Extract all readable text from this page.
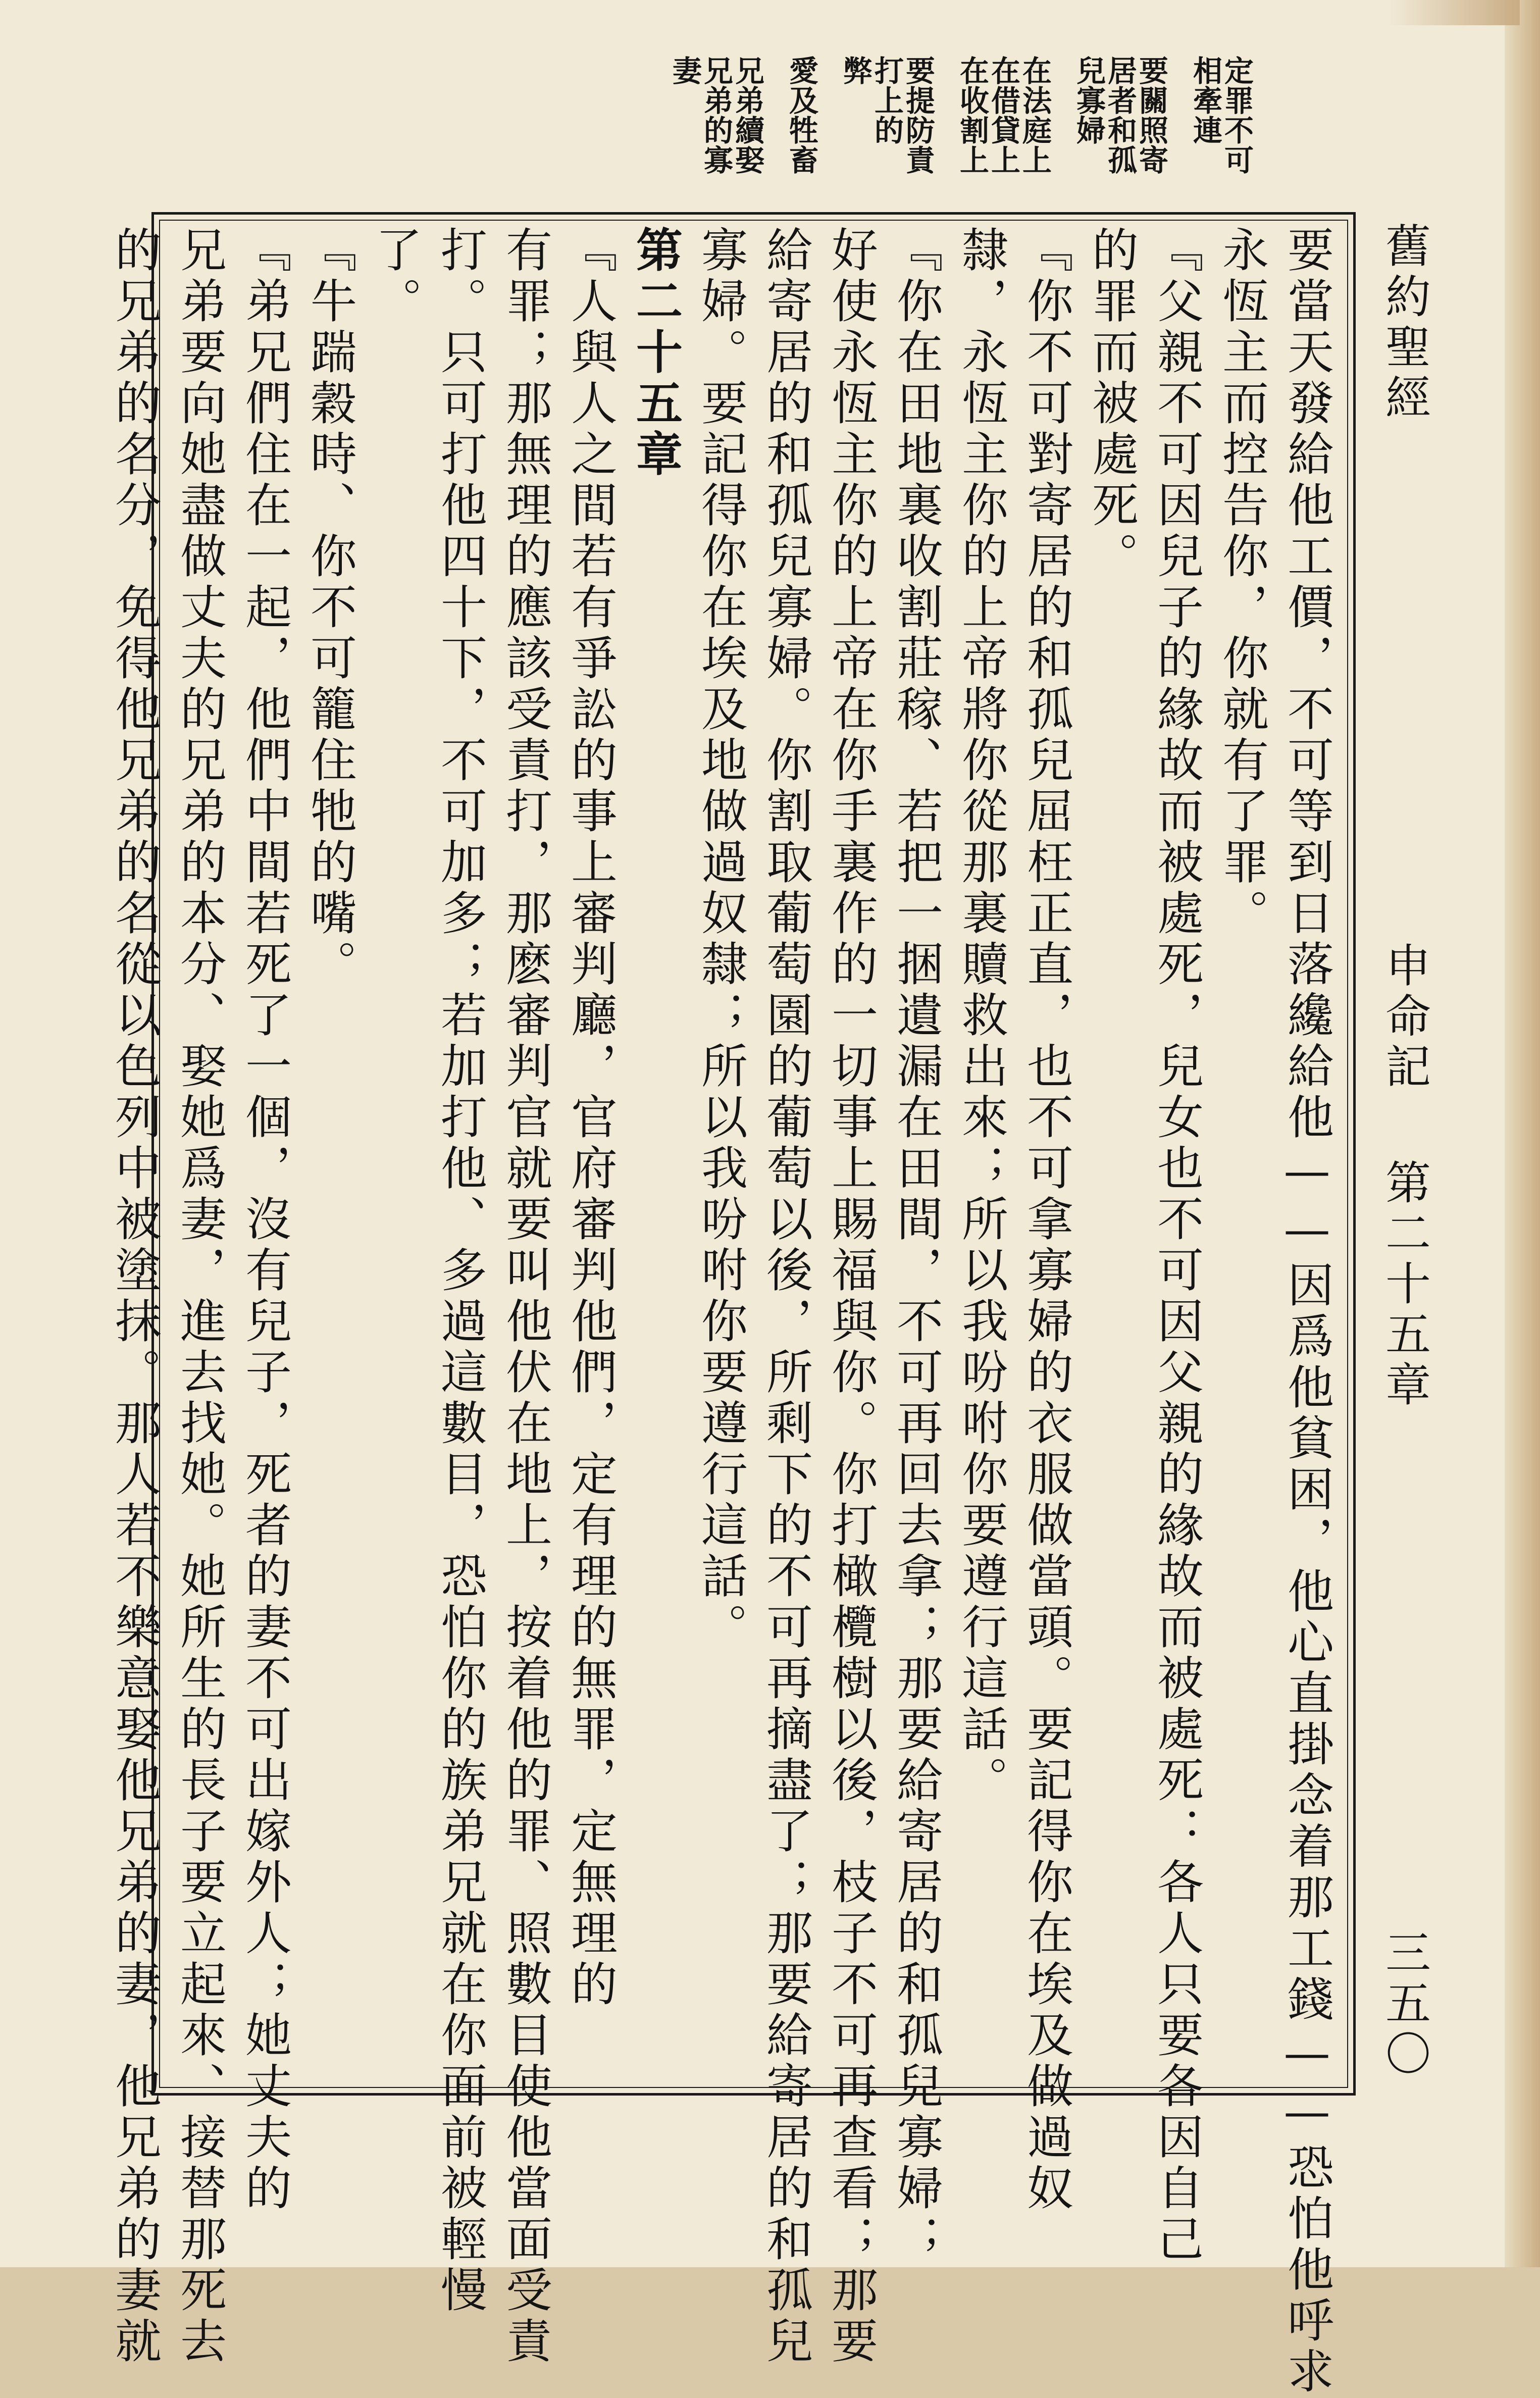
舊約聖經

申命記

第二十五章

三五〇

定罪不可

相牽連

要關照寄

居者和孤

兒寡婦

在法庭上

在借貸上

在收割上

要提防責

打上的

弊

愛及牲畜

兄弟續娶

兄弟的寡

妻

要當天發給他工價，不可等到日落纔給他——因爲他貧困，他心直掛念着那工錢——恐怕他呼求

永恆主而控告你，你就有了罪。

『父親不可因兒子的緣故而被處死，兒女也不可因父親的緣故而被處死：各人只要各因自己

的罪而被處死。

『你不可對寄居的和孤兒屈枉正直，也不可拿寡婦的衣服做當頭。要記得你在埃及做過奴

隸，永恆主你的上帝將你從那裏贖救出來；所以我吩咐你要遵行這話。

『你在田地裏收割莊稼、若把一捆遺漏在田間，不可再回去拿；那要給寄居的和孤兒寡婦；

好使永恆主你的上帝在你手裏作的一切事上賜福與你。你打橄欖樹以後，枝子不可再查看；那要

給寄居的和孤兒寡婦。你割取葡萄園的葡萄以後，所剩下的不可再摘盡了；那要給寄居的和孤兒

寡婦。要記得你在埃及地做過奴隸；所以我吩咐你要遵行這話。

第二十五章

『人與人之間若有爭訟的事上審判廳，官府審判他們，定有理的無罪，定無理的

有罪；那無理的應該受責打，那麽審判官就要叫他伏在地上，按着他的罪、照數目使他當面受責

打。只可打他四十下，不可加多；若加打他、多過這數目，恐怕你的族弟兄就在你面前被輕慢

了。

『牛踹穀時、你不可籠住牠的嘴。

『弟兄們住在一起，他們中間若死了一個，沒有兒子，死者的妻不可出嫁外人；她丈夫的

兄弟要向她盡做丈夫的兄弟的本分、娶她爲妻，進去找她。她所生的長子要立起來、接替那死去

的兄弟的名分，免得他兄弟的名從以色列中被塗抹。那人若不樂意娶他兄弟的妻，他兄弟的妻就
